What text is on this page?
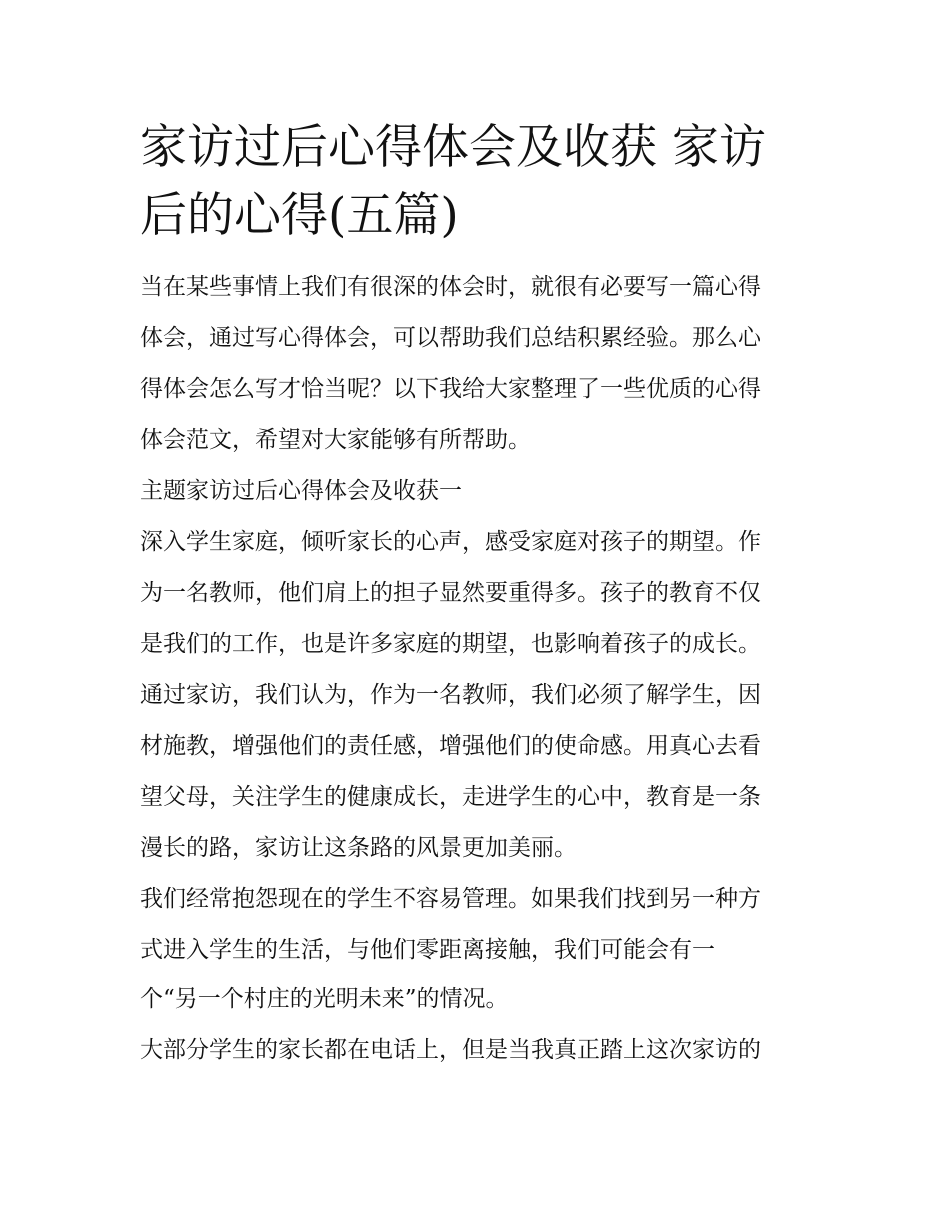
家访过后心得体会及收获 家访
后的心得(五篇)
当在某些事情上我们有很深的体会时，就很有必要写一篇心得
体会，通过写心得体会，可以帮助我们总结积累经验。那么心
得体会怎么写才恰当呢？以下我给大家整理了一些优质的心得
体会范文，希望对大家能够有所帮助。
主题家访过后心得体会及收获一
深入学生家庭，倾听家长的心声，感受家庭对孩子的期望。作
为一名教师，他们肩上的担子显然要重得多。孩子的教育不仅
是我们的工作，也是许多家庭的期望，也影响着孩子的成长。
通过家访，我们认为，作为一名教师，我们必须了解学生，因
材施教，增强他们的责任感，增强他们的使命感。用真心去看
望父母，关注学生的健康成长，走进学生的心中，教育是一条
漫长的路，家访让这条路的风景更加美丽。
我们经常抱怨现在的学生不容易管理。如果我们找到另一种方
式进入学生的生活，与他们零距离接触，我们可能会有一
个“另一个村庄的光明未来”的情况。
大部分学生的家长都在电话上，但是当我真正踏上这次家访的
